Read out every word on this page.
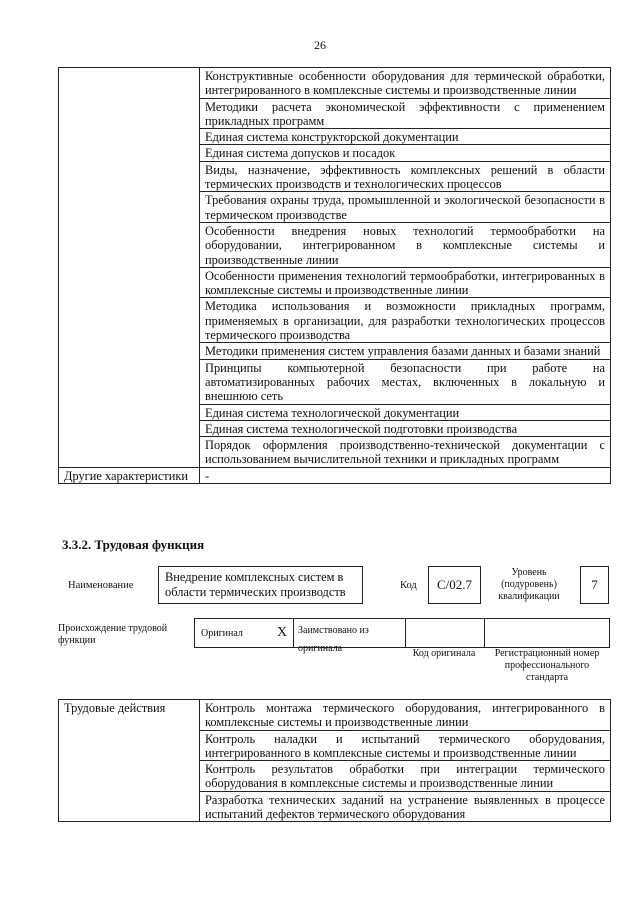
26
	Конструктивные особенности оборудования для термической обработки, интегрированного в комплексные системы и производственные линии
	Методики расчета экономической эффективности с применением прикладных программ
	Единая система конструкторской документации
	Единая система допусков и посадок
	Виды, назначение, эффективность комплексных решений в области термических производств и технологических процессов
	Требования охраны труда, промышленной и экологической безопасности в термическом производстве
	Особенности внедрения новых технологий термообработки на оборудовании, интегрированном в комплексные системы и производственные линии
	Особенности применения технологий термообработки, интегрированных в комплексные системы и производственные линии
	Методика использования и возможности прикладных программ, применяемых в организации, для разработки технологических процессов термического производства
	Методики применения систем управления базами данных и базами знаний
	Принципы компьютерной безопасности при работе на автоматизированных рабочих местах, включенных в локальную и внешнюю сеть
	Единая система технологической документации
	Единая система технологической подготовки производства
	Порядок оформления производственно-технической документации с использованием вычислительной техники и прикладных программ
Другие характеристики	-
3.3.2. Трудовая функция
Наименование
Внедрение комплексных систем в области термических производств	Код	C/02.7
Уровень (подуровень) квалификации
7
Происхождение трудовой функции
Оригинал X	Заимствовано из оригинала	Код оригинала	Регистрационный номер профессионального стандарта
Трудовые действия	Контроль монтажа термического оборудования, интегрированного в комплексные системы и производственные линии
Контроль наладки и испытаний термического оборудования, интегрированного в комплексные системы и производственные линии
Контроль результатов обработки при интеграции термического оборудования в комплексные системы и производственные линии
Разработка технических заданий на устранение выявленных в процессе испытаний дефектов термического оборудования
